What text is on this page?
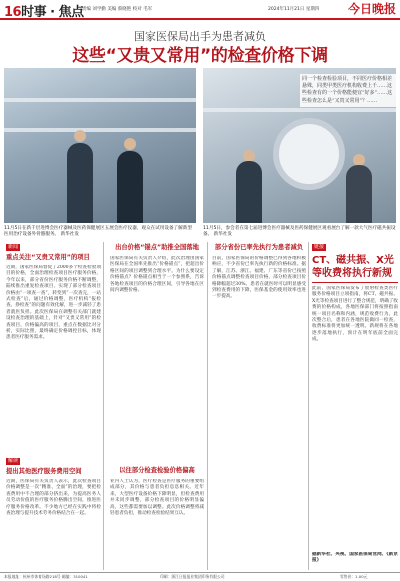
16时事 · 焦点
责编 刘学勤 美编 蔡晓艳 校对 毛军	2024年11月21日 星期四 今日晚报
国家医保局出手为患者减负
这些“又贵又常用”的检查价格下调
同一个检查检验项目，不同医疗价格相差悬殊，同类甲类医疗机构收费上千……这些检查有的一个价格能便宜“好多”……这些检查怎么是“又贵又常用”？……
11月5日在新千层进博会医疗器械及医药保健展区五展会医疗仪器，观众在试用设备了解新型医用治疗设备外骨骼服务。 新华社发
11月5日，参会者在第七届进博会医疗器械及医药保健展区观看展台了解一款大气医疗磁共振设备。 新华社发
新闻
重点关注“又贵又常用”的项目
近期，国家医保局督促了2000多个检查检验项目的价格，全面治理检查项目医疗服务价格，今年以来，部分省份医疗服务价格不断调整，陆续推出重复检查项目，实现了部分检查项目价格由“一项查一查”，转变到“一次查完，一站式检查”后，通过价格调整，医疗机构“报检查、挣检查”的问题有效化解，进一步减轻了患者就医负担。此次医保局在调整有关部门就建设检查治理的基础上，针对“又贵又常用”的检查项目，价格偏高的项目，重点在数据比对分析，实际比照，最终确定价格调控目标，体现患者医疗服务需求。
解读
提出其他医疗服务费用空间
近期，医保局有关负责人表示，此次检查项目价格调整是一次“精准、全面”的治理，要把检查费用中不合理的部分挤出来，为提高医务人员劳动价值的医疗服务价格腾出空间，推进医疗服务价格改革。不少地方已经在实践中将检查治理与提升技术劳务价格结合在一起。
出台价格“锚点”助推全国落地
国家医保局有关负责人介绍，此次治理由国家医保局在全国率先推出“价格锚点”，把超出价格区间的项目调整到合理水平。为什么要设定价格锚点？价格锚点相当于一个参照系，告诉各地检查项目的价格合理区间，引导各地在区间内调整价格。
以往部分检查检验价格偏高
业内人士认为，医疗检查是医疗服务的重要组成部分，其价格与患者负担息息相关。近年来，大型医疗设备价格下降明显，但检查费用并未同步调整，部分检查项目的价格明显偏高，这些都需要加以调整。此次价格调整将减轻患者负担，推动检查检验结果互认。
部分省份已率先执行为患者减负
目前，国家医保局的价格调整已得到各地积极响应，不少省份已率先执行新的价格标准。据了解，江苏、浙江、福建、广东等省份已按照价格锚点调整检查项目价格，部分检查项目价格降幅超过30%。患者在就医时可以明显感受到检查费用的下降，医保基金的使用效率也进一步提高。
链接
CT、磁共振、X光等收费将执行新规
此前，国家医保局发布了放射检查类医疗服务价格项目立项指南，将CT、磁共振、X光等检查项目进行了整合规范，明确了收费的价格构成，各地医保部门将按照指南统一项目名称和内涵，规范收费行为。此次整合后，患者在各地医院做同一检查，收费标准将更加统一透明。新规将在各地逐步落地执行，预计在明年底前全面完成。
据新华社、央视、国家医保局官网、《新京报》
本报地址：杭州市体育场路218号 邮编：310041	印刷：浙江日报报业集团印务有限公司	零售价：1.00元
